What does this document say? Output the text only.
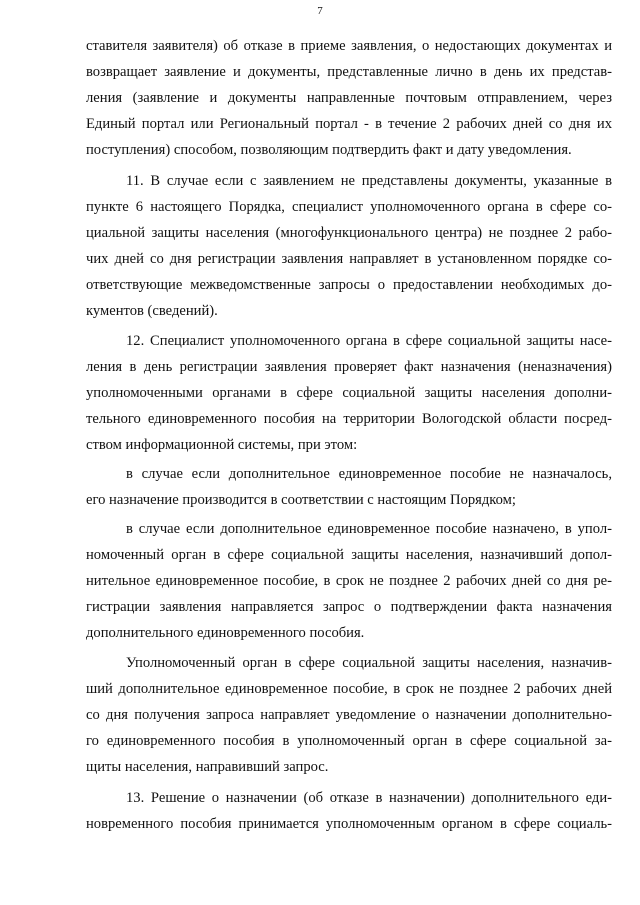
7
ставителя заявителя) об отказе в приеме заявления, о недостающих документах и
возвращает заявление и документы, представленные лично в день их представ-
ления (заявление и документы направленные почтовым отправлением, через
Единый портал или Региональный портал - в течение 2 рабочих дней со дня их
поступления) способом, позволяющим подтвердить факт и дату уведомления.
11. В случае если с заявлением не представлены документы, указанные в
пункте 6 настоящего Порядка, специалист уполномоченного органа в сфере со-
циальной защиты населения (многофункционального центра) не позднее 2 рабо-
чих дней со дня регистрации заявления направляет в установленном порядке со-
ответствующие межведомственные запросы о предоставлении необходимых до-
кументов (сведений).
12. Специалист уполномоченного органа в сфере социальной защиты насе-
ления в день регистрации заявления проверяет факт назначения (неназначения)
уполномоченными органами в сфере социальной защиты населения дополни-
тельного единовременного пособия на территории Вологодской области посред-
ством информационной системы, при этом:
в случае если дополнительное единовременное пособие не назначалось,
его назначение производится в соответствии с настоящим Порядком;
в случае если дополнительное единовременное пособие назначено, в упол-
номоченный орган в сфере социальной защиты населения, назначивший допол-
нительное единовременное пособие, в срок не позднее 2 рабочих дней со дня ре-
гистрации заявления направляется запрос о подтверждении факта назначения
дополнительного единовременного пособия.
Уполномоченный орган в сфере социальной защиты населения, назначив-
ший дополнительное единовременное пособие, в срок не позднее 2 рабочих дней
со дня получения запроса направляет уведомление о назначении дополнительно-
го единовременного пособия в уполномоченный орган в сфере социальной за-
щиты населения, направивший запрос.
13. Решение о назначении (об отказе в назначении) дополнительного еди-
новременного пособия принимается уполномоченным органом в сфере социаль-
